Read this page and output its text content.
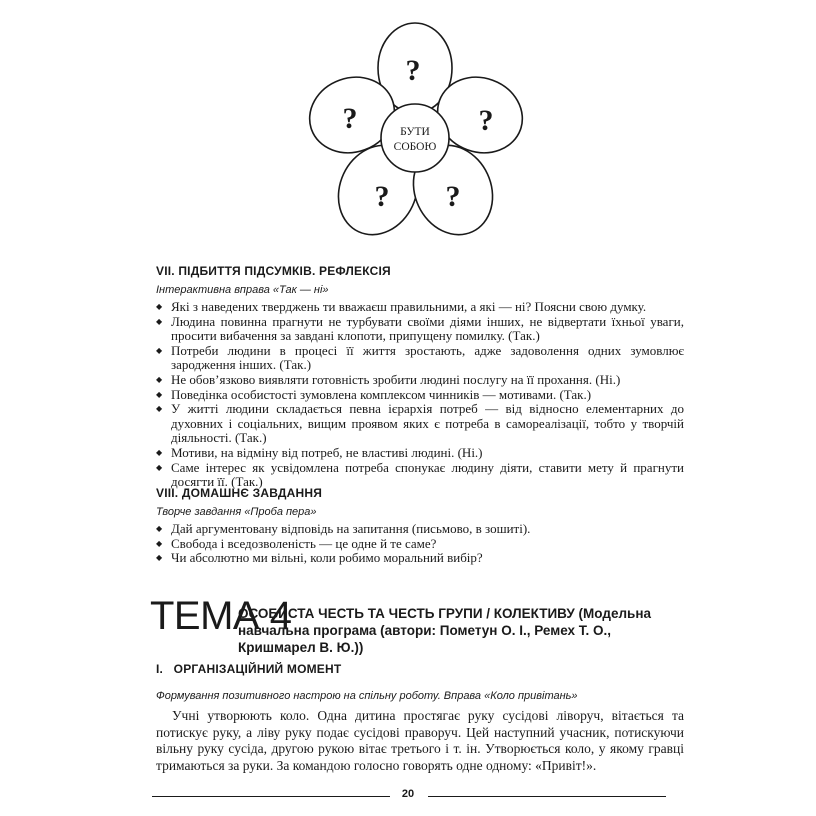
?
?	?
? ?
БУТИ
СОБОЮ
VII. ПІДБИТТЯ ПІДСУМКІВ. РЕФЛЕКСІЯ
Інтерактивна вправа «Так — ні»
◆ Які з наведених тверджень ти вважаєш правильними, а які — ні? Поясни свою думку.
◆ Людина повинна прагнути не турбувати своїми діями інших, не відвертати їхньої уваги, просити вибачення за завдані клопоти, припущену помилку. (Так.)
◆ Потреби людини в процесі її життя зростають, адже задоволення одних зумовлює зародження інших. (Так.)
◆ Не обов’язково виявляти готовність зробити людині послугу на її прохання. (Ні.)
◆ Поведінка особистості зумовлена комплексом чинників — мотивами. (Так.)
◆ У житті людини складається певна ієрархія потреб — від відносно елементарних до духовних і соціальних, вищим проявом яких є потреба в самореалізації, тобто у творчій діяльності. (Так.)
◆ Мотиви, на відміну від потреб, не властиві людині. (Ні.)
◆ Саме інтерес як усвідомлена потреба спонукає людину діяти, ставити мету й прагнути досягти її. (Так.)
VIII. ДОМАШНЄ ЗАВДАННЯ
Творче завдання «Проба пера»
◆ Дай аргументовану відповідь на запитання (письмово, в зошиті).
◆ Свобода і вседозволеність — це одне й те саме?
◆ Чи абсолютно ми вільні, коли робимо моральний вибір?
ТЕМА 4
ОСОБИСТА ЧЕСТЬ ТА ЧЕСТЬ ГРУПИ / КОЛЕКТИВУ (Модельна навчальна програма (автори: Пометун О. І., Ремех Т. О., Кришмарел В. Ю.))
I.   ОРГАНІЗАЦІЙНИЙ МОМЕНТ
Формування позитивного настрою на спільну роботу. Вправа «Коло привітань»

Учні утворюють коло. Одна дитина простягає руку сусідові ліворуч, вітається та потискує руку, а ліву руку подає сусідові праворуч. Цей наступний учасник, потискуючи вільну руку сусіда, другою рукою вітає третього і т. ін. Утворюється коло, у якому гравці тримаються за руки. За командою голосно говорять одне одному: «Привіт!».

20
